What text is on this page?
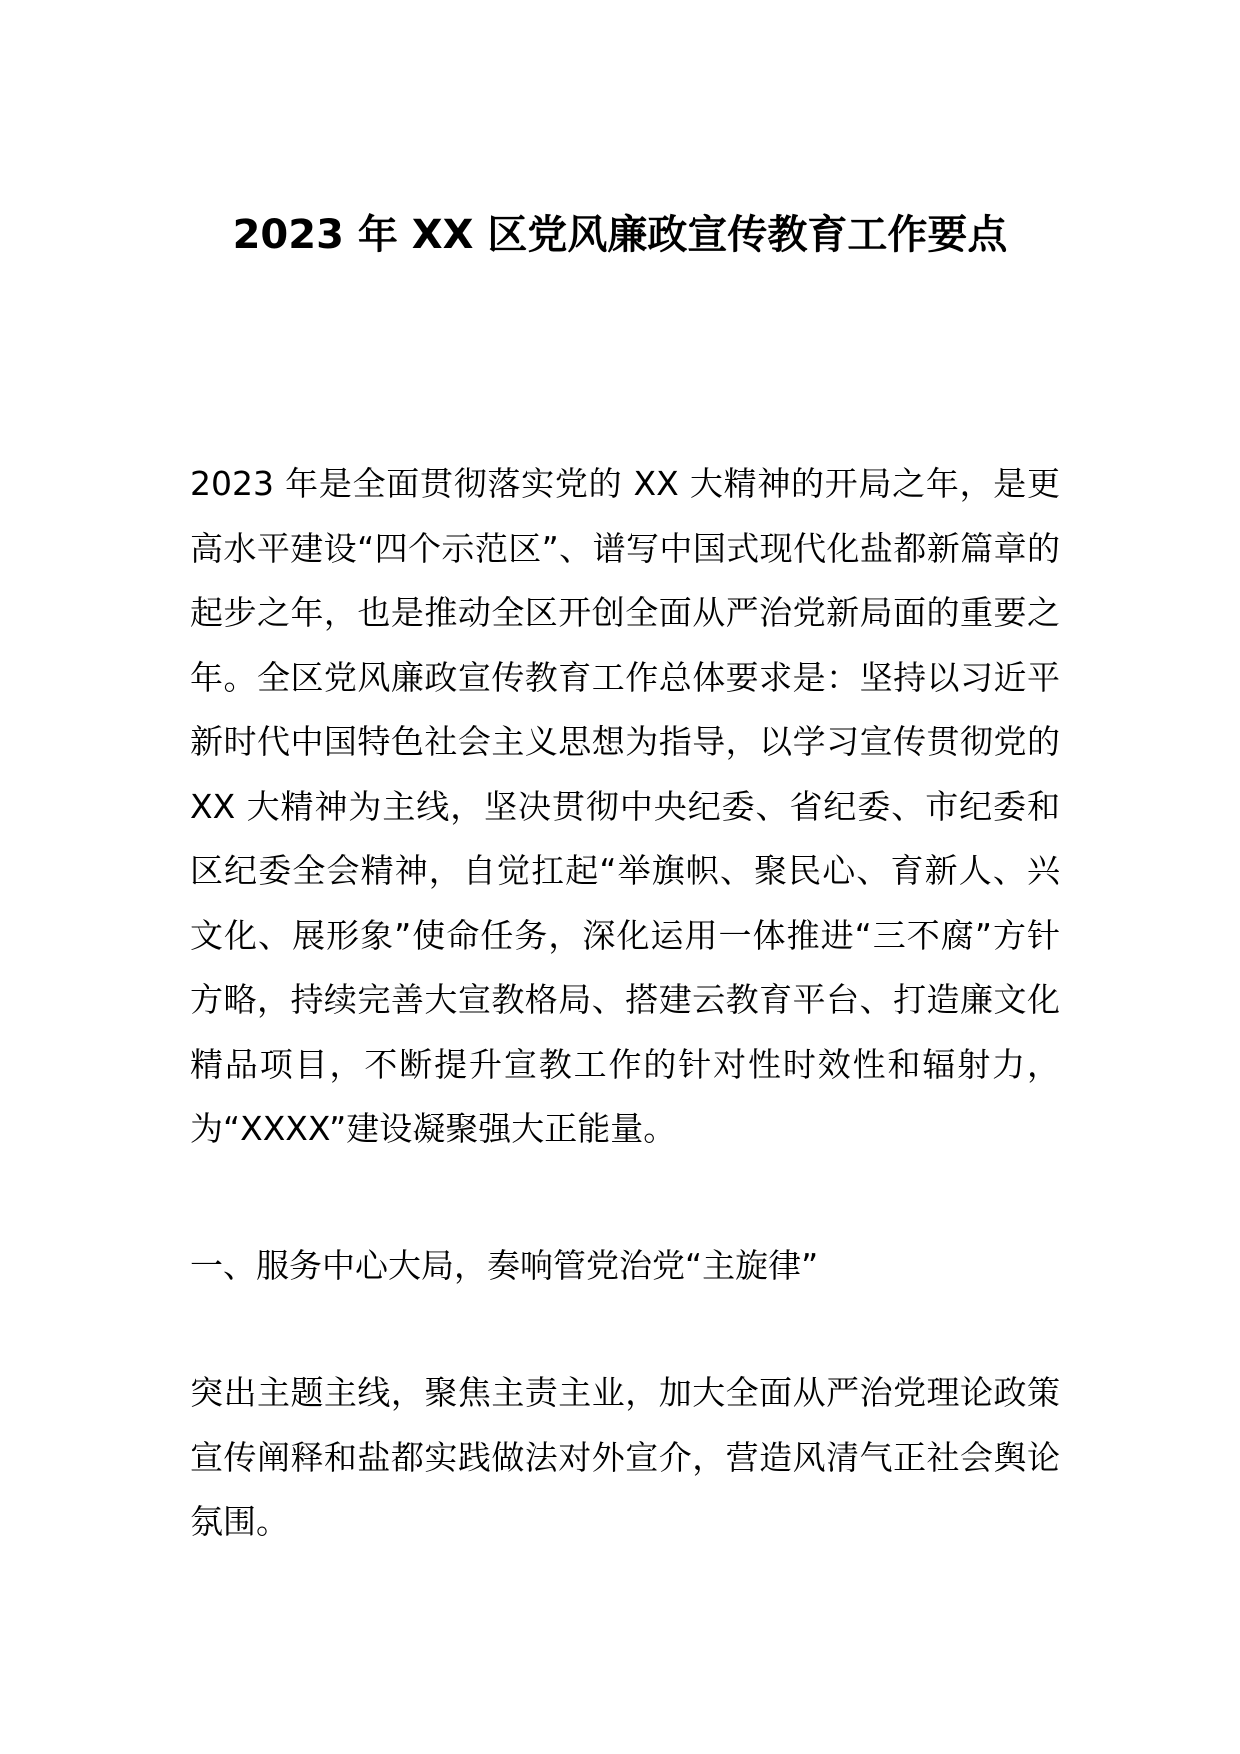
2023 年 XX 区党风廉政宣传教育工作要点
2023 年是全面贯彻落实党的 XX 大精神的开局之年，是更高水平建设“四个示范区”、谱写中国式现代化盐都新篇章的起步之年，也是推动全区开创全面从严治党新局面的重要之年。全区党风廉政宣传教育工作总体要求是：坚持以习近平新时代中国特色社会主义思想为指导，以学习宣传贯彻党的 XX 大精神为主线，坚决贯彻中央纪委、省纪委、市纪委和区纪委全会精神，自觉扛起“举旗帜、聚民心、育新人、兴文化、展形象”使命任务，深化运用一体推进“三不腐”方针方略，持续完善大宣教格局、搭建云教育平台、打造廉文化精品项目，不断提升宣教工作的针对性时效性和辐射力，为“XXXX”建设凝聚强大正能量。
一、服务中心大局，奏响管党治党“主旋律”
突出主题主线，聚焦主责主业，加大全面从严治党理论政策宣传阐释和盐都实践做法对外宣介，营造风清气正社会舆论氛围。
